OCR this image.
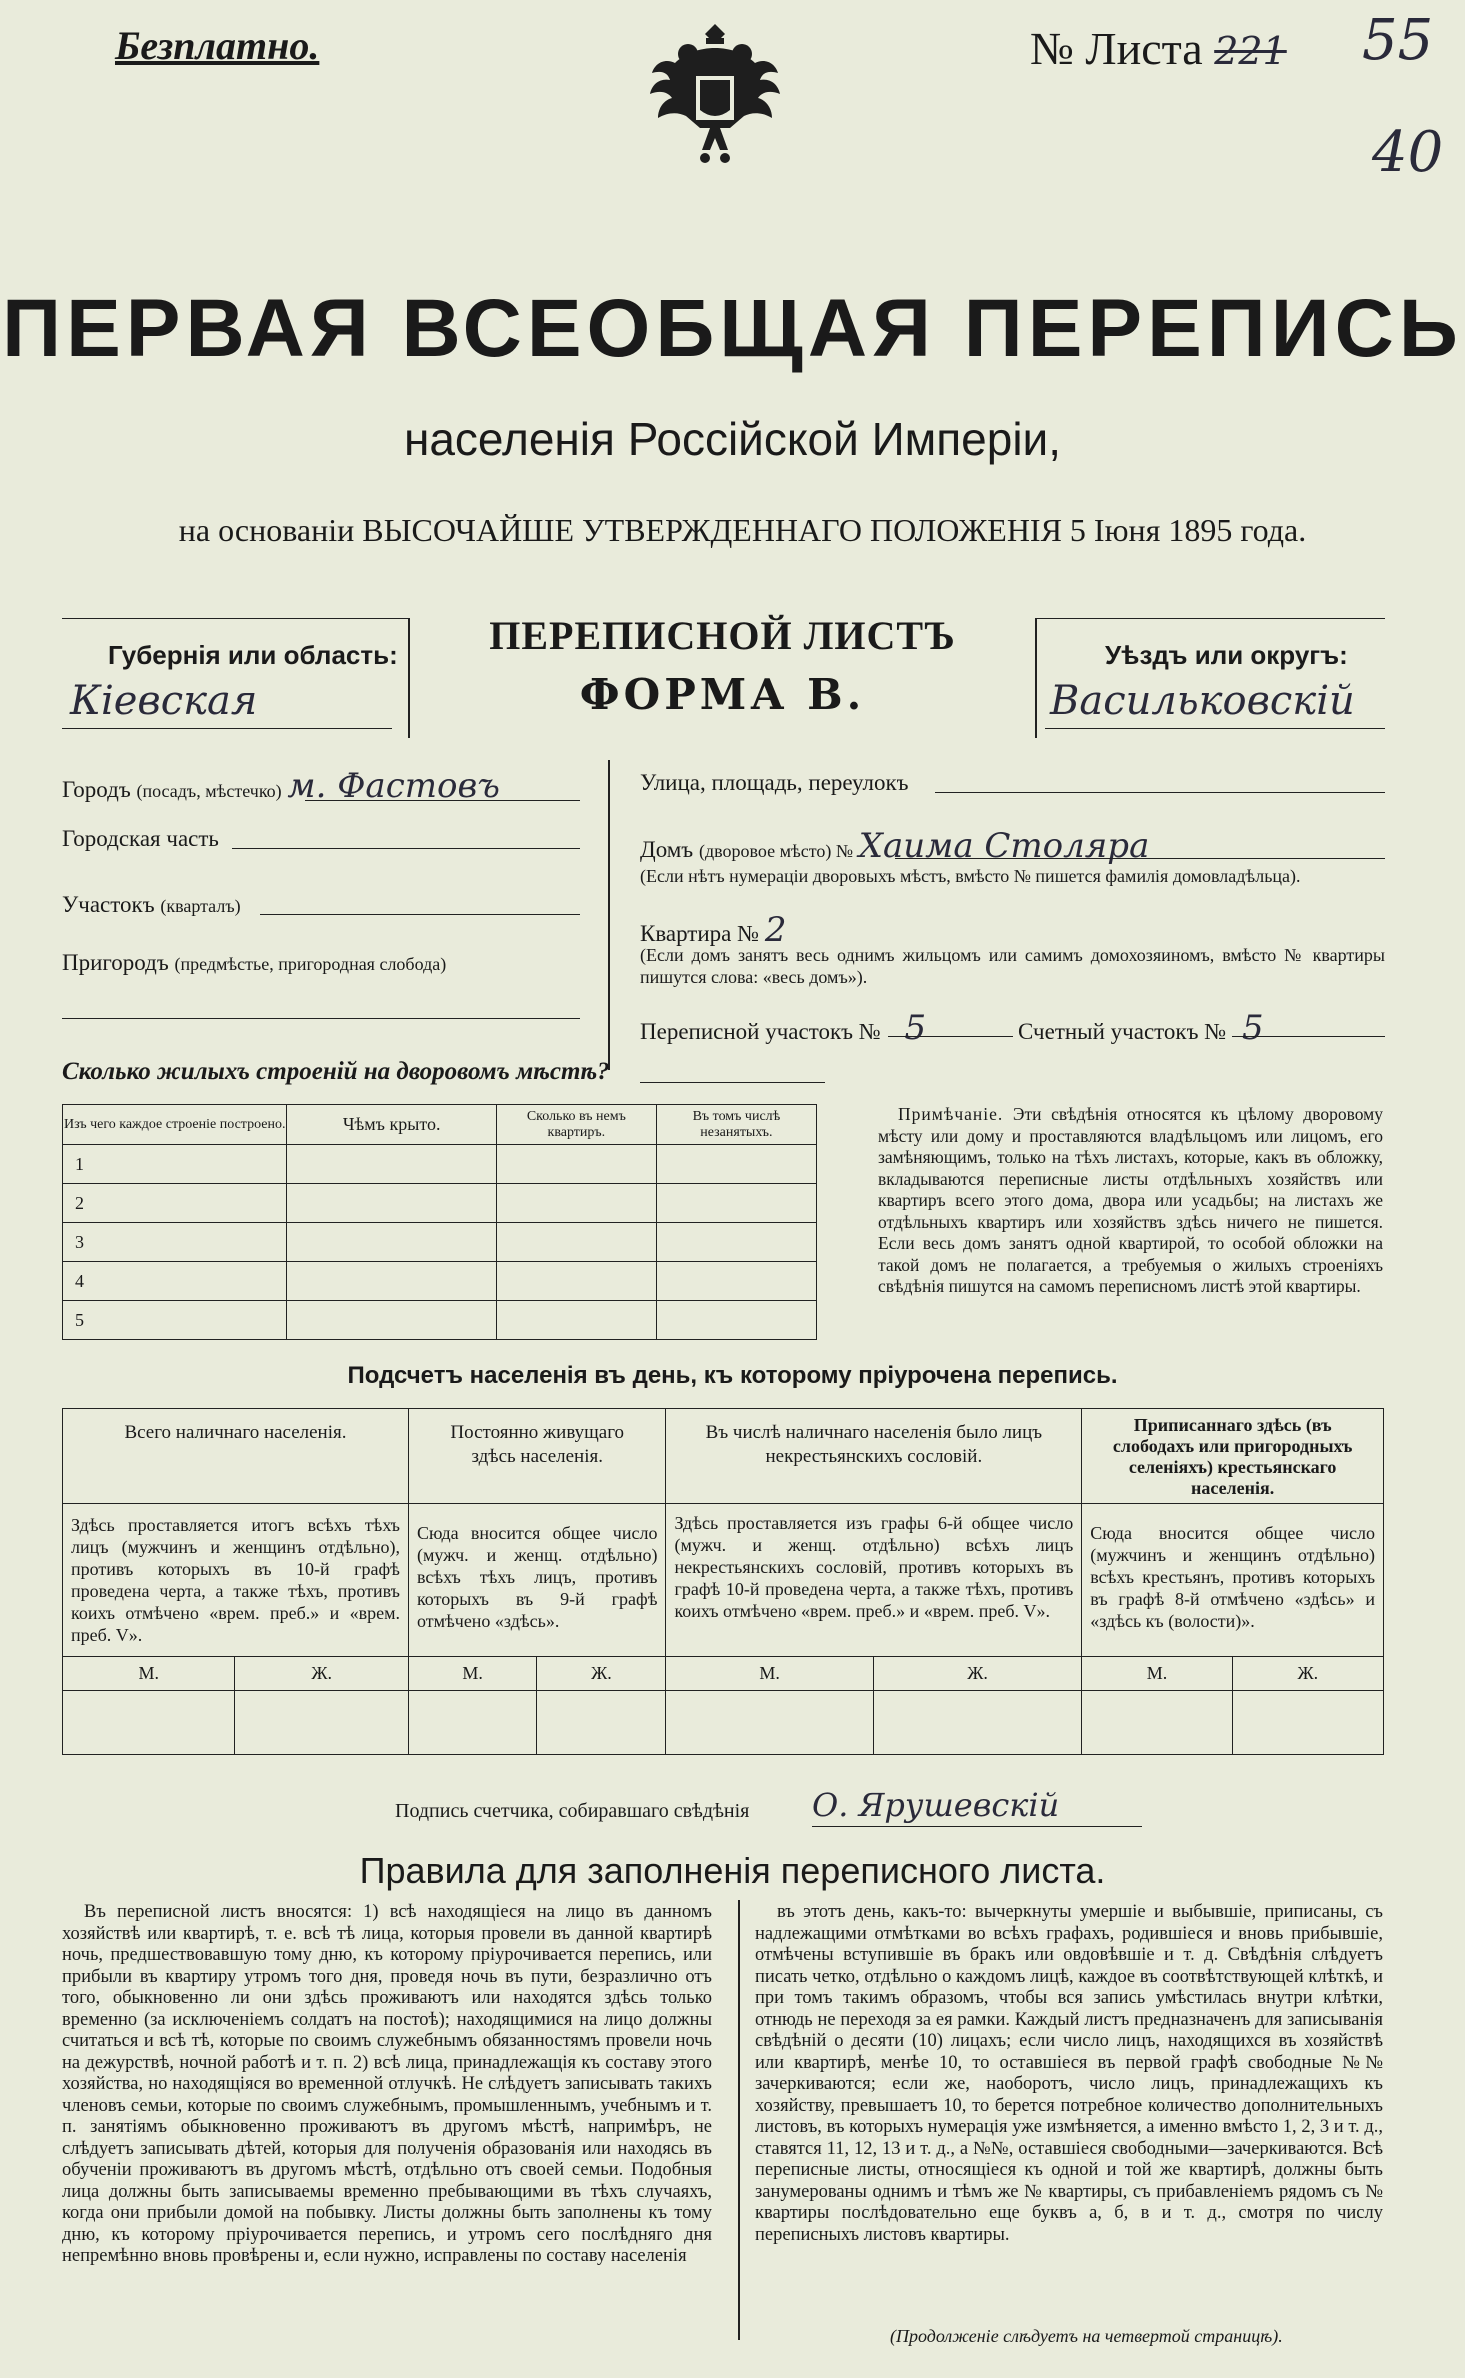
Безплатно.	№ Листа 221 55
40
ПЕРВАЯ ВСЕОБЩАЯ ПЕРЕПИСЬ
населенія Россійской Имперіи,
на основаніи ВЫСОЧАЙШЕ УТВЕРЖДЕННАГО ПОЛОЖЕНІЯ 5 Іюня 1895 года.
Губернія или область:
Кіевская
ПЕРЕПИСНОЙ ЛИСТЪ
ФОРМА В.
Уѣздъ или округъ:
Васильковскій
Городъ (посадъ, мѣстечко) м. Фастовъ
Городская часть
Участокъ (кварталъ)
Пригородъ (предмѣстье, пригородная слобода)
Улица, площадь, переулокъ
Домъ (дворовое мѣсто) № Хаима Столяра
(Если нѣтъ нумераціи дворовыхъ мѣстъ, вмѣсто № пишется фамилія домовладѣльца).
Квартира № 2
(Если домъ занятъ весь однимъ жильцомъ или самимъ домохозяиномъ, вмѣсто № квартиры пишутся слова: «весь домъ»).
Переписной участокъ № 5	Счетный участокъ № 5
Сколько жилыхъ строеній на дворовомъ мѣстѣ?
Изъ чего каждое строеніе построено.	Чѣмъ крыто.	Сколько въ немъ квартиръ.	Въ томъ числѣ незанятыхъ.
1			
2			
3			
4			
5			
Примѣчаніе. Эти свѣдѣнія относятся къ цѣлому дворовому мѣсту или дому и проставляются владѣльцомъ или лицомъ, его замѣняющимъ, только на тѣхъ листахъ, которые, какъ въ обложку, вкладываются переписные листы отдѣльныхъ хозяйствъ или квартиръ всего этого дома, двора или усадьбы; на листахъ же отдѣльныхъ квартиръ или хозяйствъ здѣсь ничего не пишется. Если весь домъ занятъ одной квартирой, то особой обложки на такой домъ не полагается, а требуемыя о жилыхъ строеніяхъ свѣдѣнія пишутся на самомъ переписномъ листѣ этой квартиры.
Подсчетъ населенія въ день, къ которому пріурочена перепись.
Всего наличнаго населенія.		Постоянно живущаго здѣсь населенія.		Въ числѣ наличнаго населенія было лицъ некрестьянскихъ сословій.		Приписаннаго здѣсь (въ слободахъ или пригородныхъ селеніяхъ) крестьянскаго населенія.	
Здѣсь проставляется итогъ всѣхъ тѣхъ лицъ (мужчинъ и женщинъ отдѣльно), противъ которыхъ въ 10-й графѣ проведена черта, а также тѣхъ, противъ коихъ отмѣчено «врем. преб.» и «врем. преб. V».		Сюда вносится общее число (мужч. и женщ. отдѣльно) всѣхъ тѣхъ лицъ, противъ которыхъ въ 9-й графѣ отмѣчено «здѣсь».		Здѣсь проставляется изъ графы 6-й общее число (мужч. и женщ. отдѣльно) всѣхъ лицъ некрестьянскихъ сословій, противъ которыхъ въ графѣ 10-й проведена черта, а также тѣхъ, противъ коихъ отмѣчено «врем. преб.» и «врем. преб. V».		Сюда вносится общее число (мужчинъ и женщинъ отдѣльно) всѣхъ крестьянъ, противъ которыхъ въ графѣ 8-й отмѣчено «здѣсь» и «здѣсь къ (волости)».	
М.	Ж.	М.	Ж.	М.	Ж.	М.	Ж.

Подпись счетчика, собиравшаго свѣдѣнія О. Ярушевскій
Правила для заполненія переписного листа.
Въ переписной листъ вносятся: 1) всѣ находящіеся на лицо въ данномъ хозяйствѣ или квартирѣ, т. е. всѣ тѣ лица, которыя провели въ данной квартирѣ ночь, предшествовавшую тому дню, къ которому пріурочивается перепись, или прибыли въ квартиру утромъ того дня, проведя ночь въ пути, безразлично отъ того, обыкновенно ли они здѣсь проживаютъ или находятся здѣсь только временно (за исключеніемъ солдатъ на постоѣ); находящимися на лицо должны считаться и всѣ тѣ, которые по своимъ служебнымъ обязанностямъ провели ночь на дежурствѣ, ночной работѣ и т. п. 2) всѣ лица, принадлежащія къ составу этого хозяйства, но находящіяся во временной отлучкѣ. Не слѣдуетъ записывать такихъ членовъ семьи, которые по своимъ служебнымъ, промышленнымъ, учебнымъ и т. п. занятіямъ обыкновенно проживаютъ въ другомъ мѣстѣ, напримѣръ, не слѣдуетъ записывать дѣтей, которыя для полученія образованія или находясь въ обученіи проживаютъ въ другомъ мѣстѣ, отдѣльно отъ своей семьи. Подобныя лица должны быть записываемы временно пребывающими въ тѣхъ случаяхъ, когда они прибыли домой на побывку. Листы должны быть заполнены къ тому дню, къ которому пріурочивается перепись, и утромъ сего послѣдняго дня непремѣнно вновь провѣрены и, если нужно, исправлены по составу населенія
въ этотъ день, какъ-то: вычеркнуты умершіе и выбывшіе, приписаны, съ надлежащими отмѣтками во всѣхъ графахъ, родившіеся и вновь прибывшіе, отмѣчены вступившіе въ бракъ или овдовѣвшіе и т. д. Свѣдѣнія слѣдуетъ писать четко, отдѣльно о каждомъ лицѣ, каждое въ соотвѣтствующей клѣткѣ, и при томъ такимъ образомъ, чтобы вся запись умѣстилась внутри клѣтки, отнюдь не переходя за ея рамки. Каждый листъ предназначенъ для записыванія свѣдѣній о десяти (10) лицахъ; если число лицъ, находящихся въ хозяйствѣ или квартирѣ, менѣе 10, то оставшіеся въ первой графѣ свободные №№ зачеркиваются; если же, наоборотъ, число лицъ, принадлежащихъ къ хозяйству, превышаетъ 10, то берется потребное количество дополнительныхъ листовъ, въ которыхъ нумерація уже измѣняется, а именно вмѣсто 1, 2, 3 и т. д., ставятся 11, 12, 13 и т. д., а №№, оставшіеся свободными—зачеркиваются. Всѣ переписные листы, относящіеся къ одной и той же квартирѣ, должны быть занумерованы однимъ и тѣмъ же № квартиры, съ прибавленіемъ рядомъ съ № квартиры послѣдовательно еще буквъ а, б, в и т. д., смотря по числу переписныхъ листовъ квартиры.
(Продолженіе слѣдуетъ на четвертой страницѣ).
